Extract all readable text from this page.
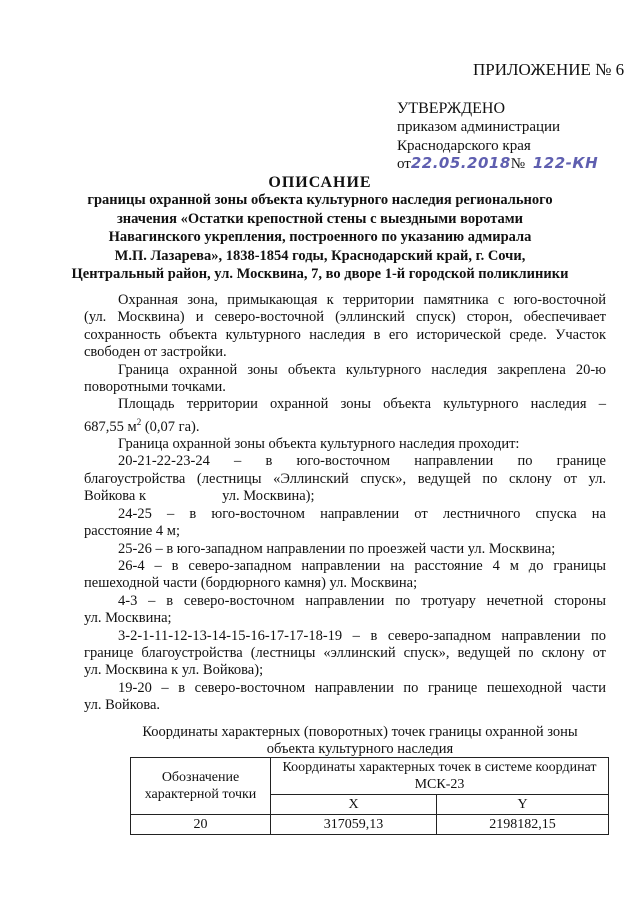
ПРИЛОЖЕНИЕ № 6
УТВЕРЖДЕНО
приказом администрации
Краснодарского края
от22.05.2018№ 122-КН
ОПИСАНИЕ
границы охранной зоны объекта культурного наследия регионального
значения «Остатки крепостной стены с выездными воротами
Навагинского укрепления, построенного по указанию адмирала
М.П. Лазарева», 1838-1854 годы, Краснодарский край, г. Сочи,
Центральный район, ул. Москвина, 7, во дворе 1-й городской поликлиники
Охранная зона, примыкающая к территории памятника с юго-восточной
(ул. Москвина) и северо-восточной (эллинский спуск) сторон, обеспечивает
сохранность объекта культурного наследия в его исторической среде. Участок
свободен от застройки.
Граница охранной зоны объекта культурного наследия закреплена 20-ю
поворотными точками.
Площадь территории охранной зоны объекта культурного наследия –
687,55 $м^2$ (0,07 га).
Граница охранной зоны объекта культурного наследия проходит:
20-21-22-23-24 – в юго-восточном направлении по границе
благоустройства (лестницы «Эллинский спуск», ведущей по склону от ул.
Войкова к                     ул. Москвина);
24-25 – в юго-восточном направлении от лестничного спуска на
расстояние 4 м;
25-26 – в юго-западном направлении по проезжей части ул. Москвина;
26-4 – в северо-западном направлении на расстояние 4 м до границы
пешеходной части (бордюрного камня) ул. Москвина;
4-3 – в северо-восточном направлении по тротуару нечетной стороны
ул. Москвина;
3-2-1-11-12-13-14-15-16-17-17-18-19 – в северо-западном направлении по
границе благоустройства (лестницы «эллинский спуск», ведущей по склону от
ул. Москвина к ул. Войкова);
19-20 – в северо-восточном направлении по границе пешеходной части
ул. Войкова.
Координаты характерных (поворотных) точек границы охранной зоны
объекта культурного наследия
Обозначение характерной точки	Координаты характерных точек в системе координат МСК-23	
	X	Y
20	317059,13	2198182,15
